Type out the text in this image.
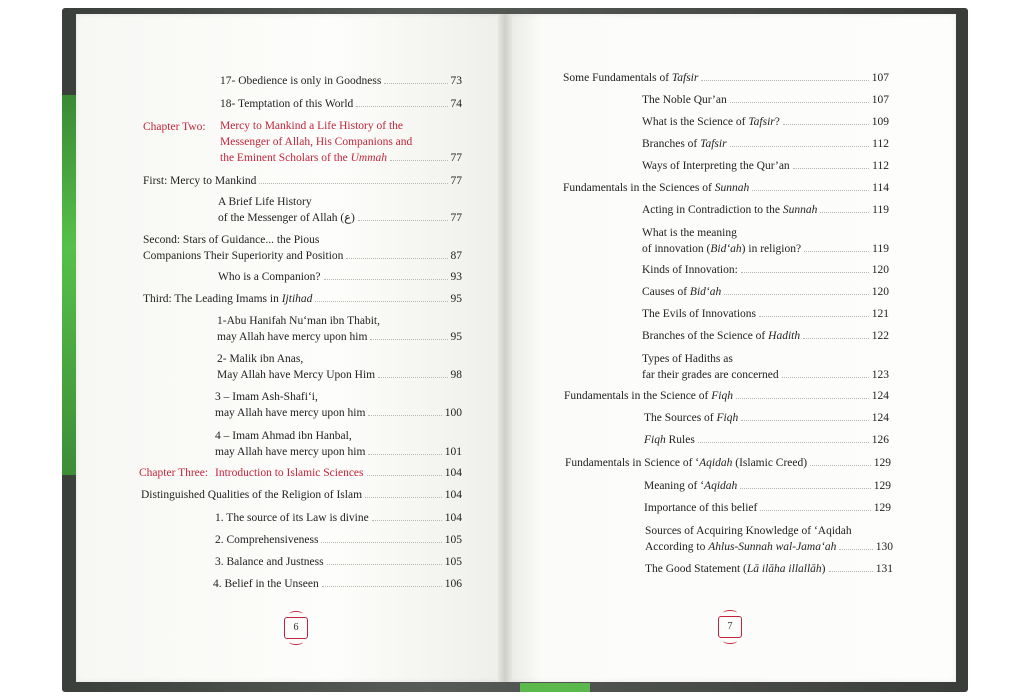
17- Obedience is only in Goodness	73
18- Temptation of this World	74
Chapter Two: Mercy to Mankind a Life History of the
Messenger of Allah, His Companions and
the Eminent Scholars of the Ummah	77
First: Mercy to Mankind	77
A Brief Life History
of the Messenger of Allah (ع)	77
Second: Stars of Guidance... the Pious
Companions Their Superiority and Position	87
Who is a Companion?	93
Third: The Leading Imams in Ijtihad	95
1-Abu Hanifah Nu‘man ibn Thabit,
may Allah have mercy upon him	95
2- Malik ibn Anas,
May Allah have Mercy Upon Him	98
3 – Imam Ash-Shafi‘i,
may Allah have mercy upon him	100
4 – Imam Ahmad ibn Hanbal,
may Allah have mercy upon him	101
Chapter Three: Introduction to Islamic Sciences	104
Distinguished Qualities of the Religion of Islam	104
1. The source of its Law is divine	104
2. Comprehensiveness	105
3. Balance and Justness	105
4. Belief in the Unseen	106
6
Some Fundamentals of Tafsir	107
The Noble Qur’an	107
What is the Science of Tafsir?	109
Branches of Tafsir	112
Ways of Interpreting the Qur’an	112
Fundamentals in the Sciences of Sunnah	114
Acting in Contradiction to the Sunnah	119
What is the meaning
of innovation (Bid‘ah) in religion?	119
Kinds of Innovation:	120
Causes of Bid‘ah	120
The Evils of Innovations	121
Branches of the Science of Hadith	122
Types of Hadiths as
far their grades are concerned	123
Fundamentals in the Science of Fiqh	124
The Sources of Fiqh	124
Fiqh Rules	126
Fundamentals in Science of ‘Aqidah (Islamic Creed)	129
Meaning of ‘Aqidah	129
Importance of this belief	129
Sources of Acquiring Knowledge of ‘Aqidah
According to Ahlus-Sunnah wal-Jama‘ah	130
The Good Statement (Lā ilāha illallāh)	131
7
